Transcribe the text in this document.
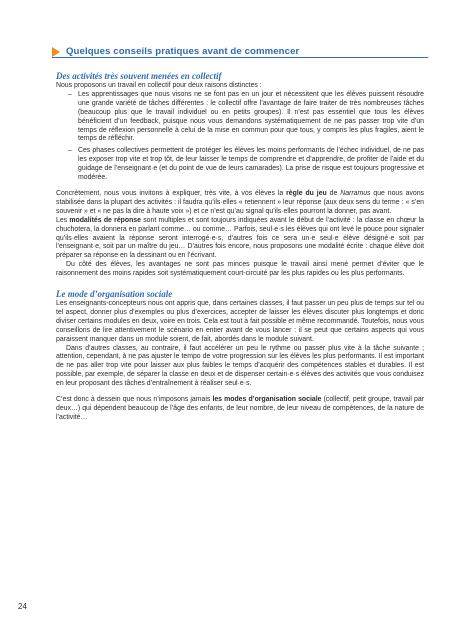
Quelques conseils pratiques avant de commencer
Des activités très souvent menées en collectif

Nous proposons un travail en collectif pour deux raisons distinctes :

– Les apprentissages que nous visons ne se font pas en un jour et nécessitent que les élèves puissent résoudre une grande variété de tâches différentes : le collectif offre l’avantage de faire traiter de très nombreuses tâches (beaucoup plus que le travail individuel ou en petits groupes). Il n’est pas essentiel que tous les élèves bénéficient d’un feedback, puisque nous vous demandons systématiquement de ne pas passer trop vite d’un temps de réflexion personnelle à celui de la mise en commun pour que tous, y compris les plus fragiles, aient le temps de réfléchir.
– Ces phases collectives permettent de protéger les élèves les moins performants de l’échec individuel, de ne pas les exposer trop vite et trop tôt, de leur laisser le temps de comprendre et d’apprendre, de profiter de l’aide et du guidage de l’enseignant·e (et du point de vue de leurs camarades). La prise de risque est toujours progressive et modérée.

Concrètement, nous vous invitons à expliquer, très vite, à vos élèves la règle du jeu de Narramus que nous avons stabilisée dans la plupart des activités : il faudra qu’ils·elles « retiennent » leur réponse (aux deux sens du terme : « s’en souvenir » et « ne pas la dire à haute voix ») et ce n’est qu’au signal qu’ils·elles pourront la donner, pas avant.

Les modalités de réponse sont multiples et sont toujours indiquées avant le début de l’activité : la classe en chœur la chuchotera, la donnera en parlant comme… ou comme… Parfois, seul·e·s les élèves qui ont levé le pouce pour signaler qu’ils·elles avaient la réponse seront interrogé·e·s, d’autres fois ce sera un·e seul·e élève désigné·e soit par l’enseignant·e, soit par un maître du jeu… D’autres fois encore, nous proposons une modalité écrite : chaque élève doit préparer sa réponse en la dessinant ou en l’écrivant.

Du côté des élèves, les avantages ne sont pas minces puisque le travail ainsi mené permet d’éviter que le raisonnement des moins rapides soit systématiquement court-circuité par les plus rapides ou les plus performants.

Le mode d’organisation sociale

Les enseignants-concepteurs nous ont appris que, dans certaines classes, il faut passer un peu plus de temps sur tel ou tel aspect, donner plus d’exemples ou plus d’exercices, accepter de laisser les élèves discuter plus longtemps et donc diviser certains modules en deux, voire en trois. Cela est tout à fait possible et même recommandé. Toutefois, nous vous conseillons de lire attentivement le scénario en entier avant de vous lancer : il se peut que certains aspects qui vous paraissent manquer dans un module soient, de fait, abordés dans le module suivant.

Dans d’autres classes, au contraire, il faut accélérer un peu le rythme ou passer plus vite à la tâche suivante ; attention, cependant, à ne pas ajuster le tempo de votre progression sur les élèves les plus performants. Il est important de ne pas aller trop vite pour laisser aux plus faibles le temps d’acquérir des compétences stables et durables. Il est possible, par exemple, de séparer la classe en deux et de dispenser certain·e·s élèves des activités que vous conduisez en leur proposant des tâches d’entraînement à réaliser seul·e·s.

C’est donc à dessein que nous n’imposons jamais les modes d’organisation sociale (collectif, petit groupe, travail par deux…) qui dépendent beaucoup de l’âge des enfants, de leur nombre, de leur niveau de compétences, de la nature de l’activité…

24
